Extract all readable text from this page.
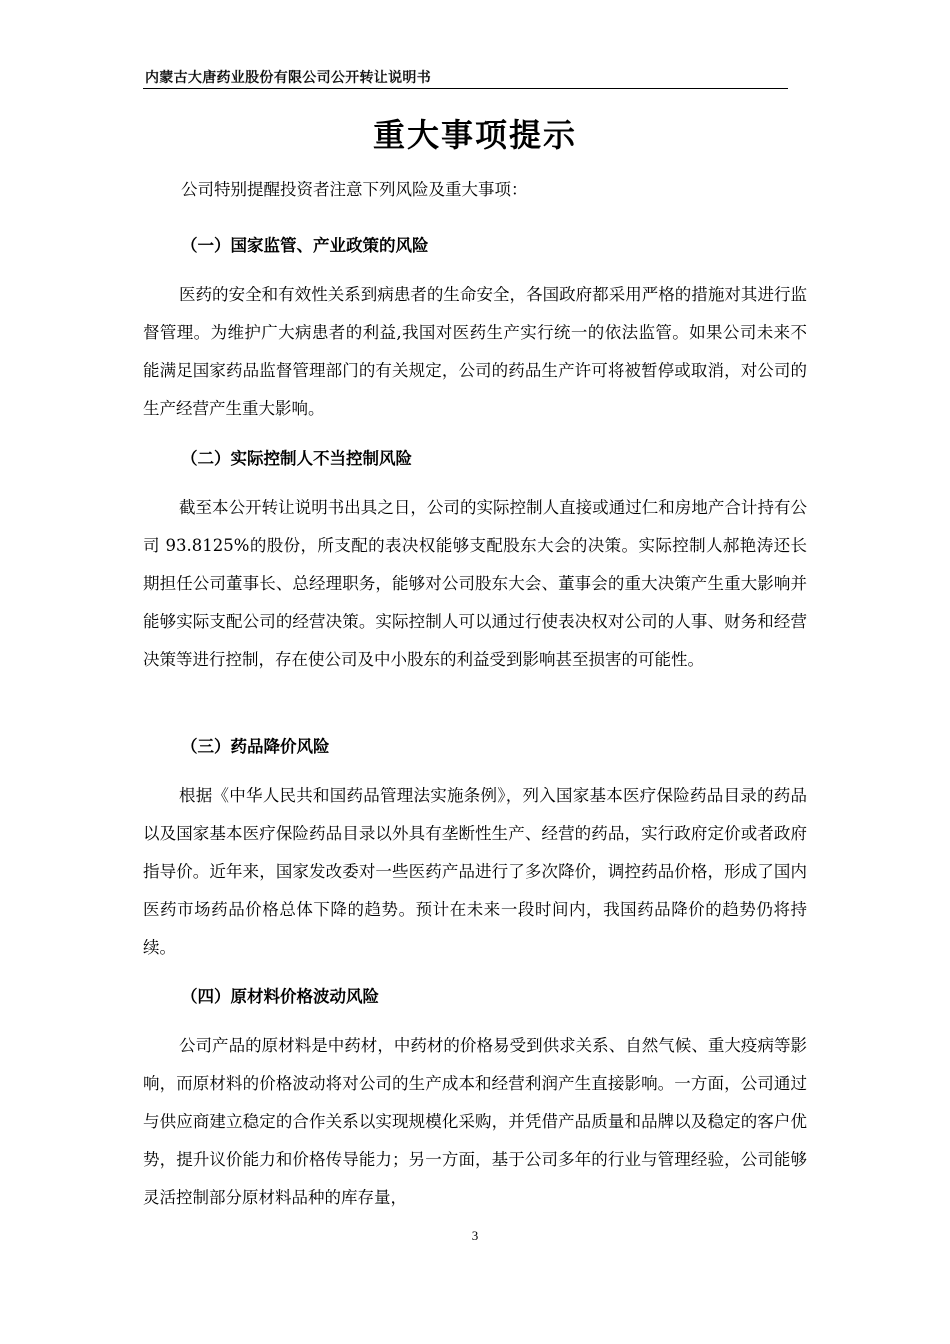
内蒙古大唐药业股份有限公司公开转让说明书
重大事项提示
公司特别提醒投资者注意下列风险及重大事项：
（一）国家监管、产业政策的风险

医药的安全和有效性关系到病患者的生命安全，各国政府都采用严格的措施对其进行监督管理。为维护广大病患者的利益,我国对医药生产实行统一的依法监管。如果公司未来不能满足国家药品监督管理部门的有关规定，公司的药品生产许可将被暂停或取消，对公司的生产经营产生重大影响。

（二）实际控制人不当控制风险

截至本公开转让说明书出具之日，公司的实际控制人直接或通过仁和房地产合计持有公司 93.8125%的股份，所支配的表决权能够支配股东大会的决策。实际控制人郝艳涛还长期担任公司董事长、总经理职务，能够对公司股东大会、董事会的重大决策产生重大影响并能够实际支配公司的经营决策。实际控制人可以通过行使表决权对公司的人事、财务和经营决策等进行控制，存在使公司及中小股东的利益受到影响甚至损害的可能性。

（三）药品降价风险

根据《中华人民共和国药品管理法实施条例》，列入国家基本医疗保险药品目录的药品以及国家基本医疗保险药品目录以外具有垄断性生产、经营的药品，实行政府定价或者政府指导价。近年来，国家发改委对一些医药产品进行了多次降价，调控药品价格，形成了国内医药市场药品价格总体下降的趋势。预计在未来一段时间内，我国药品降价的趋势仍将持续。

（四）原材料价格波动风险

公司产品的原材料是中药材，中药材的价格易受到供求关系、自然气候、重大疫病等影响，而原材料的价格波动将对公司的生产成本和经营利润产生直接影响。一方面，公司通过与供应商建立稳定的合作关系以实现规模化采购，并凭借产品质量和品牌以及稳定的客户优势，提升议价能力和价格传导能力；另一方面，基于公司多年的行业与管理经验，公司能够灵活控制部分原材料品种的库存量，

3
